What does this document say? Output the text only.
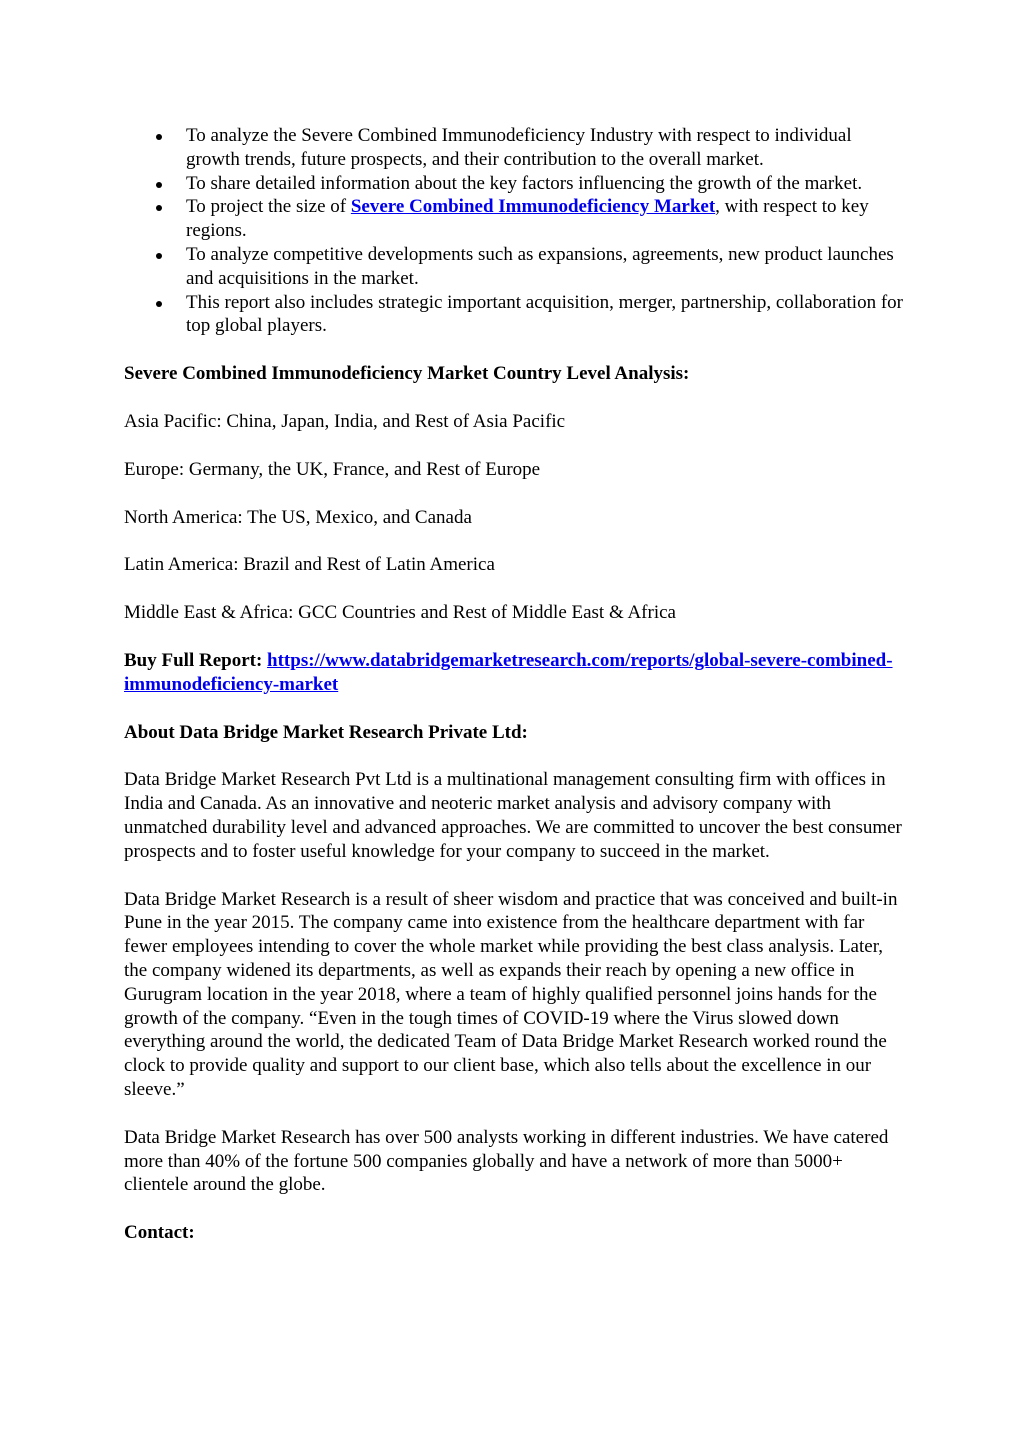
To analyze the Severe Combined Immunodeficiency Industry with respect to individual growth trends, future prospects, and their contribution to the overall market.
To share detailed information about the key factors influencing the growth of the market.
To project the size of Severe Combined Immunodeficiency Market, with respect to key regions.
To analyze competitive developments such as expansions, agreements, new product launches and acquisitions in the market.
This report also includes strategic important acquisition, merger, partnership, collaboration for top global players.

Severe Combined Immunodeficiency Market Country Level Analysis:

Asia Pacific: China, Japan, India, and Rest of Asia Pacific

Europe: Germany, the UK, France, and Rest of Europe

North America: The US, Mexico, and Canada

Latin America: Brazil and Rest of Latin America

Middle East & Africa: GCC Countries and Rest of Middle East & Africa

Buy Full Report: https://www.databridgemarketresearch.com/reports/global-severe-combined-immunodeficiency-market

About Data Bridge Market Research Private Ltd:

Data Bridge Market Research Pvt Ltd is a multinational management consulting firm with offices in India and Canada. As an innovative and neoteric market analysis and advisory company with unmatched durability level and advanced approaches. We are committed to uncover the best consumer prospects and to foster useful knowledge for your company to succeed in the market.

Data Bridge Market Research is a result of sheer wisdom and practice that was conceived and built-in Pune in the year 2015. The company came into existence from the healthcare department with far fewer employees intending to cover the whole market while providing the best class analysis. Later, the company widened its departments, as well as expands their reach by opening a new office in Gurugram location in the year 2018, where a team of highly qualified personnel joins hands for the growth of the company. “Even in the tough times of COVID-19 where the Virus slowed down everything around the world, the dedicated Team of Data Bridge Market Research worked round the clock to provide quality and support to our client base, which also tells about the excellence in our sleeve.”

Data Bridge Market Research has over 500 analysts working in different industries. We have catered more than 40% of the fortune 500 companies globally and have a network of more than 5000+ clientele around the globe.

Contact:
